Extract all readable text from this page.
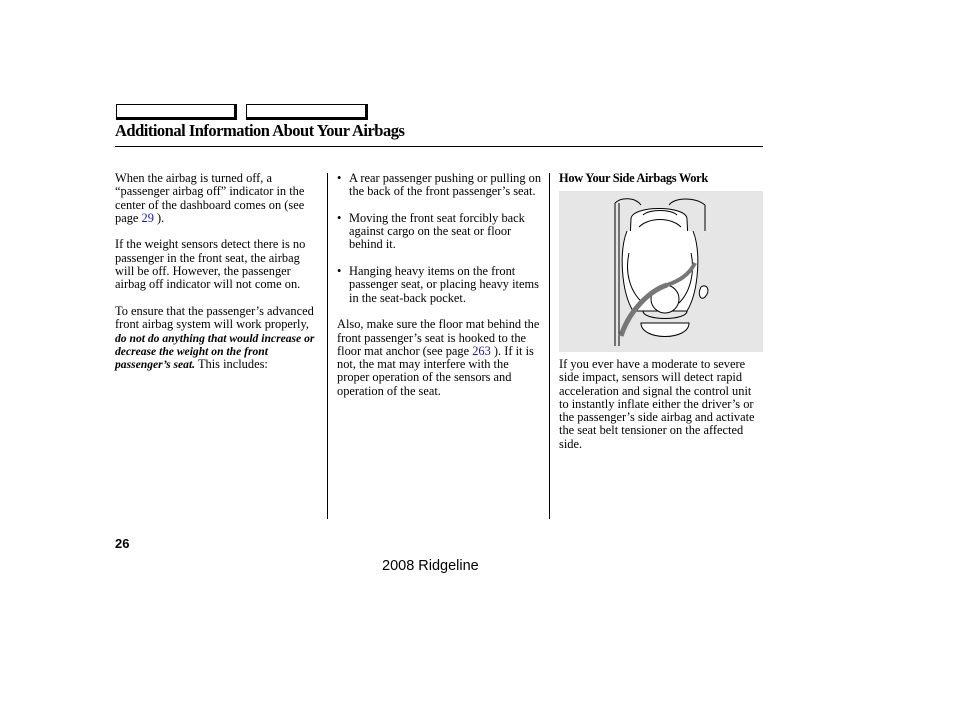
Additional Information About Your Airbags

When the airbag is turned off, a “passenger airbag off” indicator in the center of the dashboard comes on (see page 29 ).

If the weight sensors detect there is no passenger in the front seat, the airbag will be off. However, the passenger airbag off indicator will not come on.

To ensure that the passenger’s advanced front airbag system will work properly, do not do anything that would increase or decrease the weight on the front passenger’s seat. This includes:

• A rear passenger pushing or pulling on the back of the front passenger’s seat.
• Moving the front seat forcibly back against cargo on the seat or floor behind it.
• Hanging heavy items on the front passenger seat, or placing heavy items in the seat-back pocket.

Also, make sure the floor mat behind the front passenger’s seat is hooked to the floor mat anchor (see page 263 ). If it is not, the mat may interfere with the proper operation of the sensors and operation of the seat.

How Your Side Airbags Work

If you ever have a moderate to severe side impact, sensors will detect rapid acceleration and signal the control unit to instantly inflate either the driver’s or the passenger’s side airbag and activate the seat belt tensioner on the affected side.

26
2008 Ridgeline
